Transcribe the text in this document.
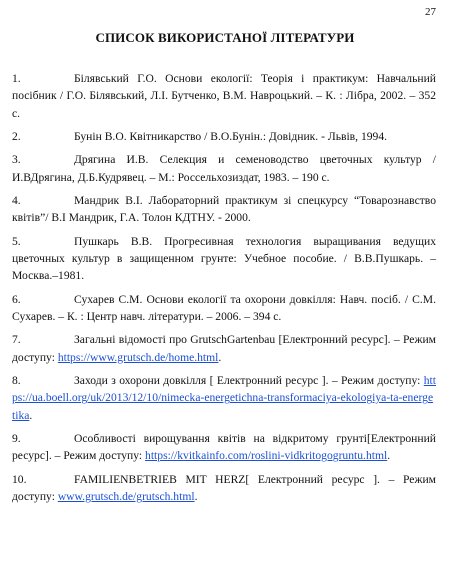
27
СПИСОК ВИКОРИСТАНОЇ ЛІТЕРАТУРИ
1.	Білявський Г.О. Основи екології: Теорія і практикум: Навчальний посібник / Г.О. Білявський, Л.І. Бутченко, В.М. Навроцький. – К. : Лібра, 2002. – 352 с.
2.	Бунін В.О. Квітникарство / В.О.Бунін.: Довідник. - Львів, 1994.
3.	Дрягина И.В. Селекция и семеноводство цветочных культур / И.ВДрягина, Д.Б.Кудрявец. – М.: Россельхозиздат, 1983. – 190 с.
4.	Мандрик В.І. Лабораторний практикум зі спецкурсу “Товарознавство квітів”/ В.І Мандрик, Г.А. Толон КДТНУ. - 2000.
5.	Пушкарь В.В. Прогресивная технология выращивания ведущих цветочных культур в защищенном грунте: Учебное пособие. / В.В.Пушкарь. – Москва.–1981.
6.	Сухарев С.М. Основи екології та охорони довкілля: Навч. посіб. / С.М. Сухарев. – К. : Центр навч. літератури. – 2006. – 394 с.
7.	Загальні відомості про GrutschGartenbau [Електронний ресурс]. – Режим доступу: https://www.grutsch.de/home.html.
8.	Заходи з охорони довкілля [ Електронний ресурс ]. – Режим доступу: https://ua.boell.org/uk/2013/12/10/nimecka-energetichna-transformaciya-ekologiya-ta-energetika.
9.	Особливості вирощування квітів на відкритому грунті[Електронний ресурс]. – Режим доступу: https://kvitkainfo.com/roslini-vidkritogogruntu.html.
10.	FAMILIENBETRIEB MIT HERZ[ Електронний ресурс ]. – Режим доступу: www.grutsch.de/grutsch.html.
